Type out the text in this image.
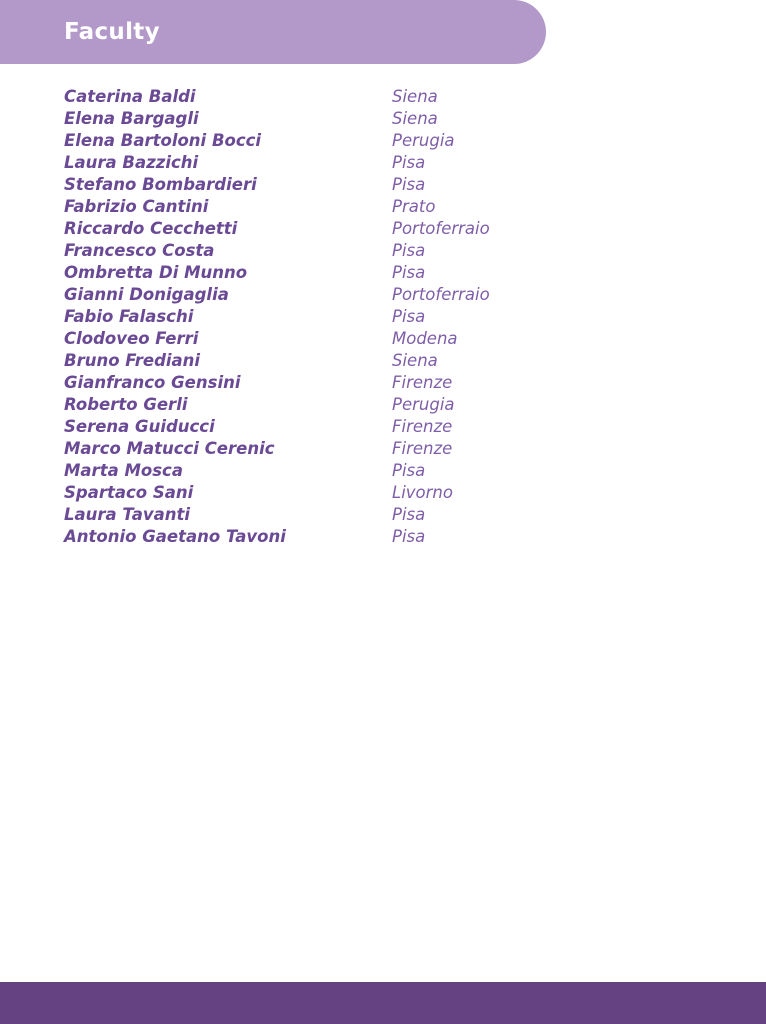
Faculty
Caterina Baldi	Siena
Elena Bargagli	Siena
Elena Bartoloni Bocci	Perugia
Laura Bazzichi	Pisa
Stefano Bombardieri	Pisa
Fabrizio Cantini	Prato
Riccardo Cecchetti	Portoferraio
Francesco Costa	Pisa
Ombretta Di Munno	Pisa
Gianni Donigaglia	Portoferraio
Fabio Falaschi	Pisa
Clodoveo Ferri	Modena
Bruno Frediani	Siena
Gianfranco Gensini	Firenze
Roberto Gerli	Perugia
Serena Guiducci	Firenze
Marco Matucci Cerenic	Firenze
Marta Mosca	Pisa
Spartaco Sani	Livorno
Laura Tavanti	Pisa
Antonio Gaetano Tavoni	Pisa
